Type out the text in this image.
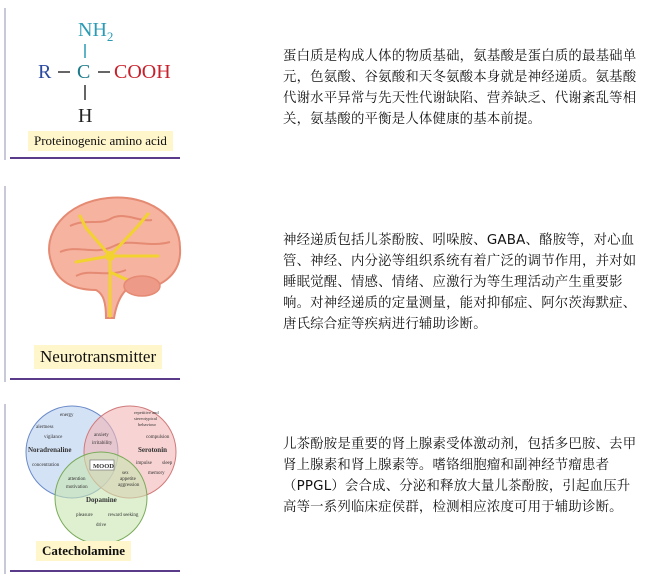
$NH_2$
R C COOH
H
Proteinogenic amino acid

蛋白质是构成人体的物质基础，氨基酸是蛋白质的最基础单元，色氨酸、谷氨酸和天冬氨酸本身就是神经递质。氨基酸代谢水平异常与先天性代谢缺陷、营养缺乏、代谢紊乱等相关，氨基酸的平衡是人体健康的基本前提。

Neurotransmitter

神经递质包括儿茶酚胺、吲哚胺、GABA、酪胺等，对心血管、神经、内分泌等组织系统有着广泛的调节作用，并对如睡眠觉醒、情感、情绪、应激行为等生理活动产生重要影响。对神经递质的定量测量，能对抑郁症、阿尔茨海默症、唐氏综合症等疾病进行辅助诊断。

energy
alertness
vigilance
Noradrenaline
concentration
repetitive and
stereotypical
behaviour
compulsion
Serotonin
impulse sleep
memory
anxiety
irritability
MOOD
attention
motivation
sex
appetite
aggression
Dopamine
pleasure	reward seeking
drive
Catecholamine

儿茶酚胺是重要的肾上腺素受体激动剂，包括多巴胺、去甲肾上腺素和肾上腺素等。嗜铬细胞瘤和副神经节瘤患者（PPGL）会合成、分泌和释放大量儿茶酚胺，引起血压升高等一系列临床症侯群，检测相应浓度可用于辅助诊断。
